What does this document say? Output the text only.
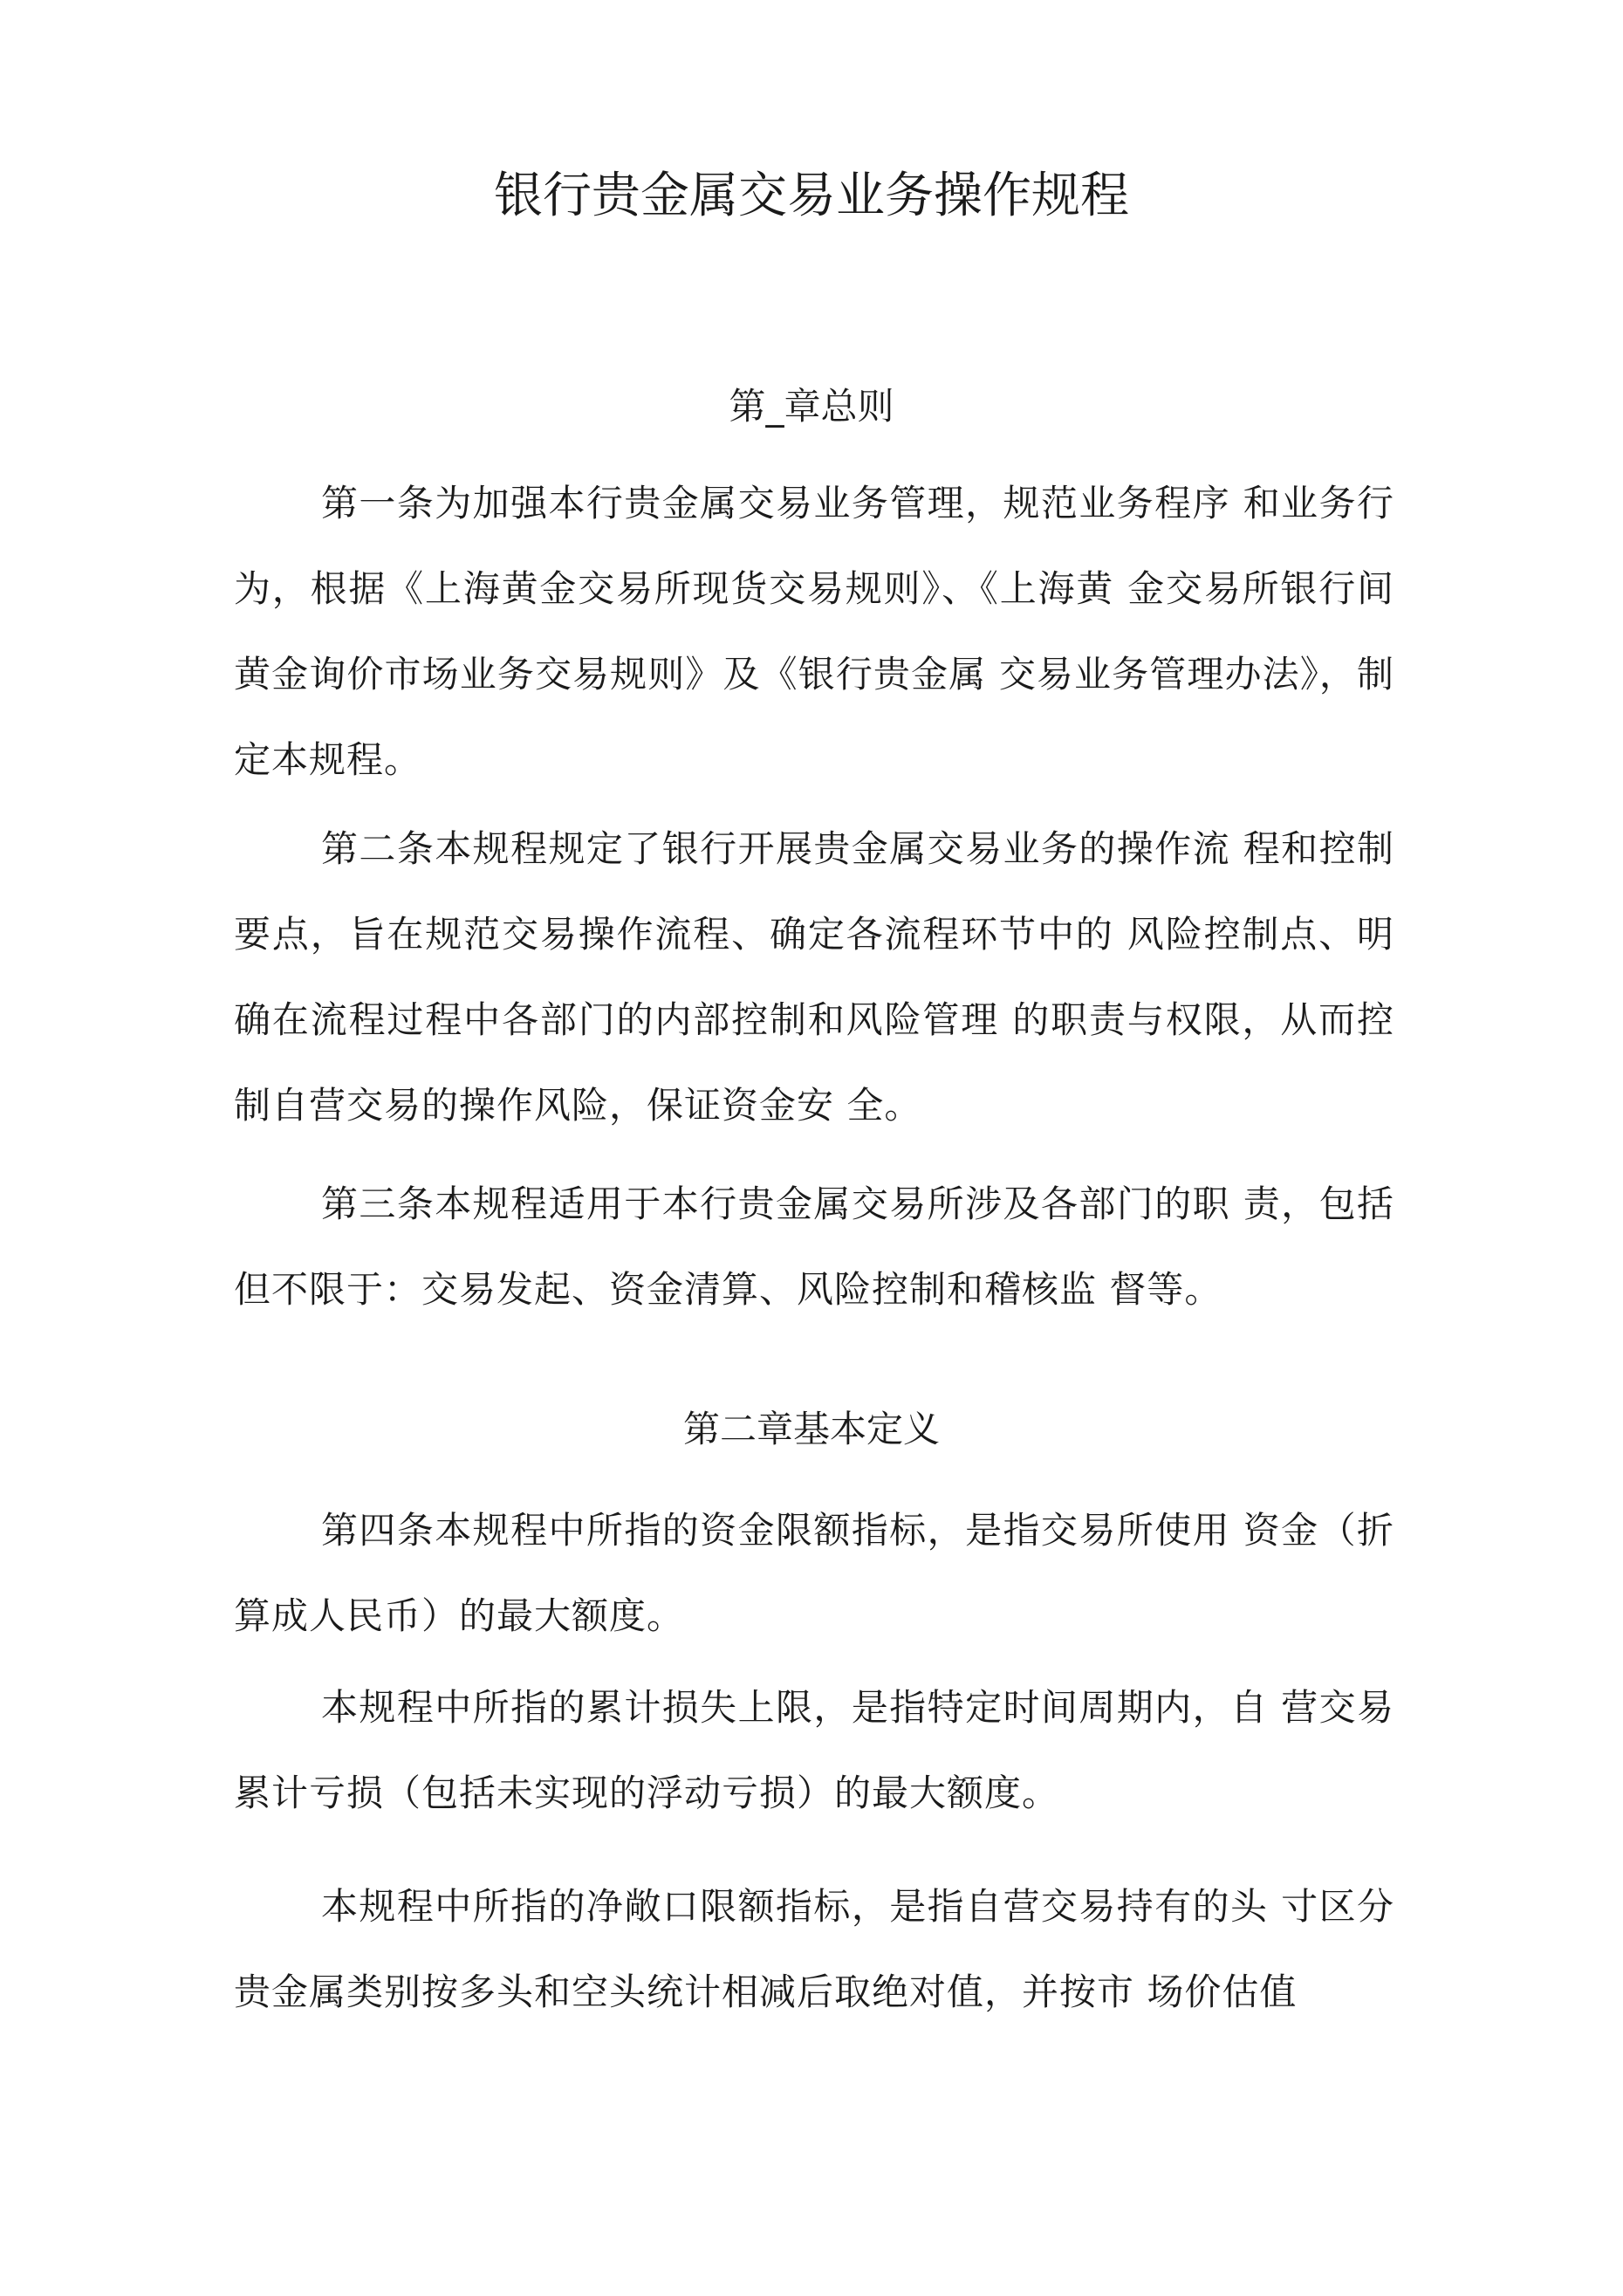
银行贵金属交易业务操作规程
第_章总则

第一条为加强本行贵金属交易业务管理，规范业务程序 和业务行为，根据《上海黄金交易所现货交易规则》、《上海黄 金交易所银行间黄金询价市场业务交易规则》及《银行贵金属 交易业务管理办法》，制定本规程。

第二条本规程规定了银行开展贵金属交易业务的操作流 程和控制要点，旨在规范交易操作流程、确定各流程环节中的 风险控制点、明确在流程过程中各部门的内部控制和风险管理 的职责与权限，从而控制自营交易的操作风险，保证资金安 全。

第三条本规程适用于本行贵金属交易所涉及各部门的职 责，包括但不限于：交易发起、资金清算、风险控制和稽核监 督等。

第二章基本定义

第四条本规程中所指的资金限额指标，是指交易所使用 资金（折算成人民币）的最大额度。

本规程中所指的累计损失上限，是指特定时间周期内，自 营交易累计亏损（包括未实现的浮动亏损）的最大额度。

本规程中所指的净敞口限额指标，是指自营交易持有的头 寸区分贵金属类别按多头和空头统计相减后取绝对值，并按市 场价估值
